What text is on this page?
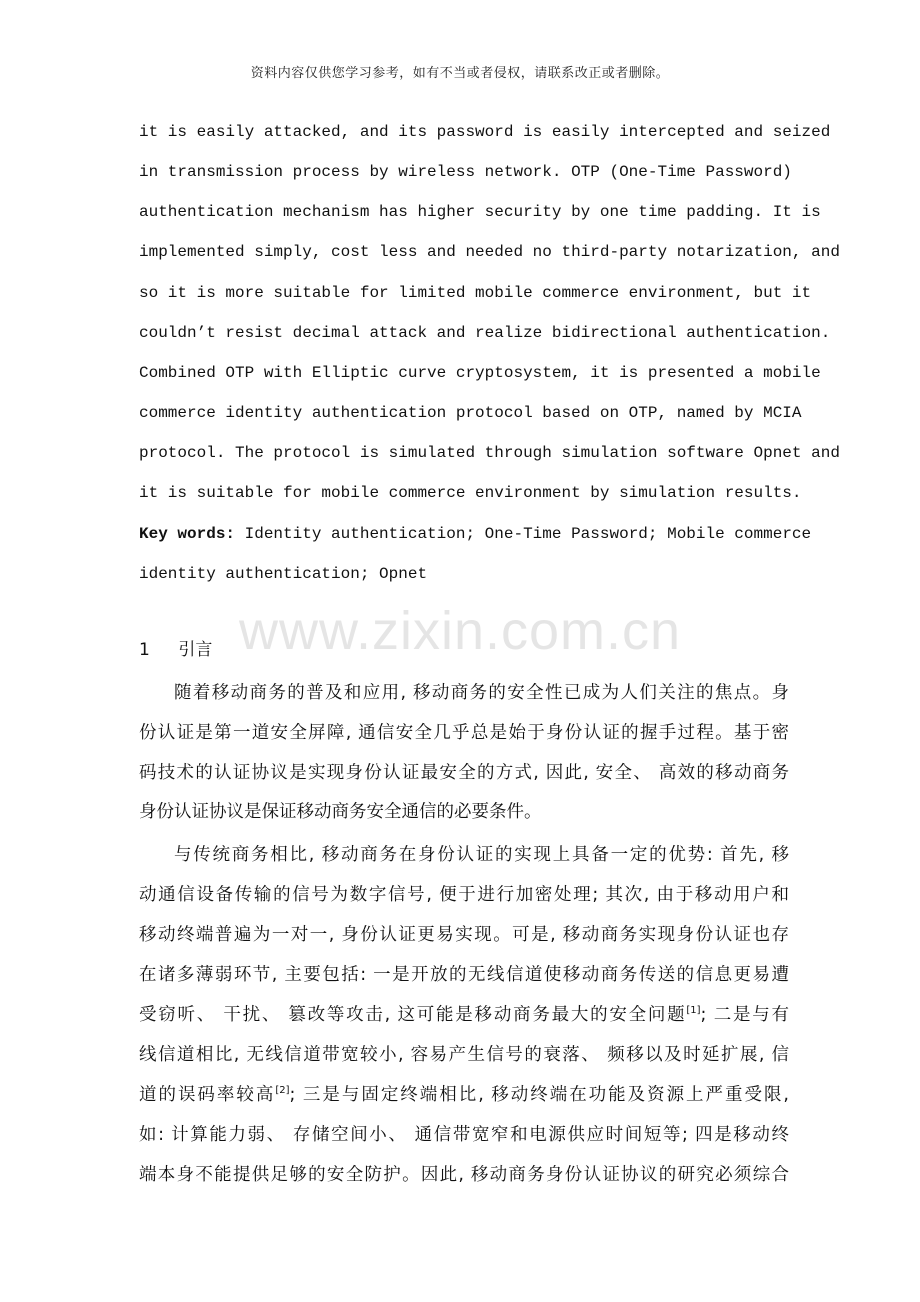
资料内容仅供您学习参考，如有不当或者侵权，请联系改正或者删除。
it is easily attacked, and its password is easily intercepted and seized
in transmission process by wireless network. OTP (One-Time Password)
authentication mechanism has higher security by one time padding. It is
implemented simply, cost less and needed no third-party notarization, and
so it is more suitable for limited mobile commerce environment, but it
couldn’t resist decimal attack and realize bidirectional authentication.
Combined OTP with Elliptic curve cryptosystem, it is presented a mobile
commerce identity authentication protocol based on OTP, named by MCIA
protocol. The protocol is simulated through simulation software Opnet and
it is suitable for mobile commerce environment by simulation results.
Key words: Identity authentication; One-Time Password; Mobile commerce
identity authentication; Opnet
www.zixin.com.cn
1 引言
随着移动商务的普及和应用, 移动商务的安全性已成为人们关注的焦点。身
份认证是第一道安全屏障, 通信安全几乎总是始于身份认证的握手过程。基于密
码技术的认证协议是实现身份认证最安全的方式, 因此, 安全、 高效的移动商务
身份认证协议是保证移动商务安全通信的必要条件。
与传统商务相比, 移动商务在身份认证的实现上具备一定的优势: 首先, 移
动通信设备传输的信号为数字信号, 便于进行加密处理; 其次, 由于移动用户和
移动终端普遍为一对一, 身份认证更易实现。可是, 移动商务实现身份认证也存
在诸多薄弱环节, 主要包括: 一是开放的无线信道使移动商务传送的信息更易遭
受窃听、 干扰、 篡改等攻击, 这可能是移动商务最大的安全问题[1]; 二是与有
线信道相比, 无线信道带宽较小, 容易产生信号的衰落、 频移以及时延扩展, 信
道的误码率较高[2]; 三是与固定终端相比, 移动终端在功能及资源上严重受限,
如: 计算能力弱、 存储空间小、 通信带宽窄和电源供应时间短等; 四是移动终
端本身不能提供足够的安全防护。因此, 移动商务身份认证协议的研究必须综合
